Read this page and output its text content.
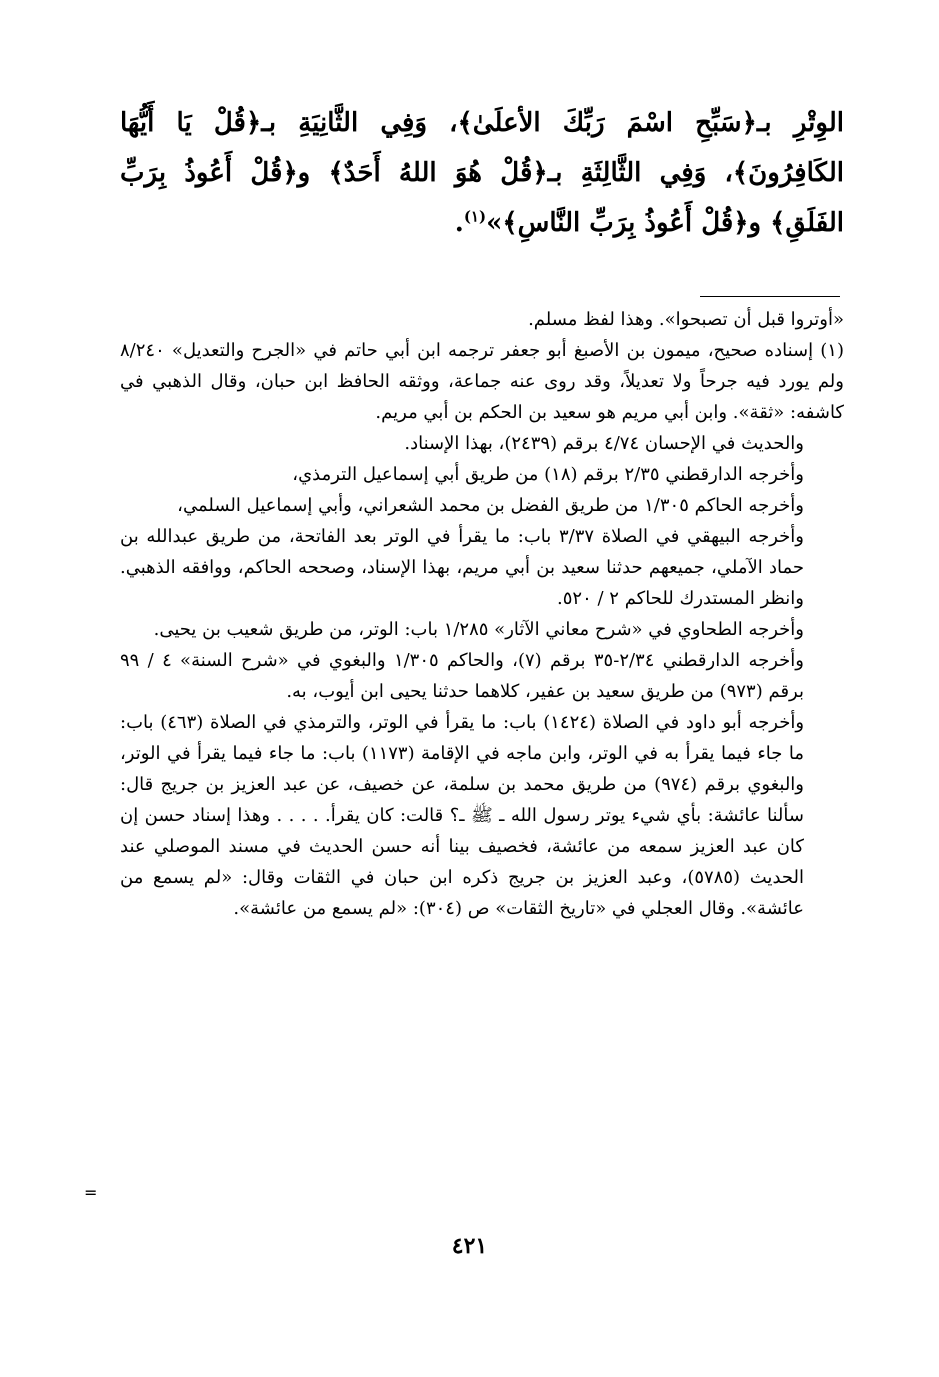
الوِتْرِ بـ﴿سَبِّحِ اسْمَ رَبِّكَ الأعلَىٰ﴾، وَفِي الثَّانِيَةِ بـ﴿قُلْ يَا أَيُّهَا الكَافِرُونَ﴾، وَفِي الثَّالِثَةِ بـ﴿قُلْ هُوَ اللهُ أَحَدٌ﴾ و﴿قُلْ أَعُوذُ بِرَبِّ الفَلَقِ﴾ و﴿قُلْ أَعُوذُ بِرَبِّ النَّاسِ﴾»$^{(١)}$.

«أوتروا قبل أن تصبحوا». وهذا لفظ مسلم.

(١) إسناده صحيح، ميمون بن الأصبغ أبو جعفر ترجمه ابن أبي حاتم في «الجرح والتعديل» ٨/٢٤٠ ولم يورد فيه جرحاً ولا تعديلاً، وقد روى عنه جماعة، ووثقه الحافظ ابن حبان، وقال الذهبي في كاشفه: «ثقة». وابن أبي مريم هو سعيد بن الحكم بن أبي مريم.

والحديث في الإحسان ٤/٧٤ برقم (٢٤٣٩)، بهذا الإسناد.

وأخرجه الدارقطني ٢/٣٥ برقم (١٨) من طريق أبي إسماعيل الترمذي،

وأخرجه الحاكم ١/٣٠٥ من طريق الفضل بن محمد الشعراني، وأبي إسماعيل السلمي،

وأخرجه البيهقي في الصلاة ٣/٣٧ باب: ما يقرأ في الوتر بعد الفاتحة، من طريق عبدالله بن حماد الآملي، جميعهم حدثنا سعيد بن أبي مريم، بهذا الإسناد، وصححه الحاكم، ووافقه الذهبي. وانظر المستدرك للحاكم ٢ / ٥٢٠.

وأخرجه الطحاوي في «شرح معاني الآثار» ١/٢٨٥ باب: الوتر، من طريق شعيب بن يحيى.

وأخرجه الدارقطني ٢/٣٤-٣٥ برقم (٧)، والحاكم ١/٣٠٥ والبغوي في «شرح السنة» ٤ / ٩٩ برقم (٩٧٣) من طريق سعيد بن عفير، كلاهما حدثنا يحيى ابن أيوب، به.

وأخرجه أبو داود في الصلاة (١٤٢٤) باب: ما يقرأ في الوتر، والترمذي في الصلاة (٤٦٣) باب: ما جاء فيما يقرأ به في الوتر، وابن ماجه في الإقامة (١١٧٣) باب: ما جاء فيما يقرأ في الوتر، والبغوي برقم (٩٧٤) من طريق محمد بن سلمة، عن خصيف، عن عبد العزيز بن جريج قال: سألنا عائشة: بأي شيء يوتر رسول الله ـ ﷺ ـ؟ قالت: كان يقرأ. . . . . وهذا إسناد حسن إن كان عبد العزيز سمعه من عائشة، فخصيف بينا أنه حسن الحديث في مسند الموصلي عند الحديث (٥٧٨٥)، وعبد العزيز بن جريج ذكره ابن حبان في الثقات وقال: «لم يسمع من عائشة». وقال العجلي في «تاريخ الثقات» ص (٣٠٤): «لم يسمع من عائشة».

=
٤٢١
